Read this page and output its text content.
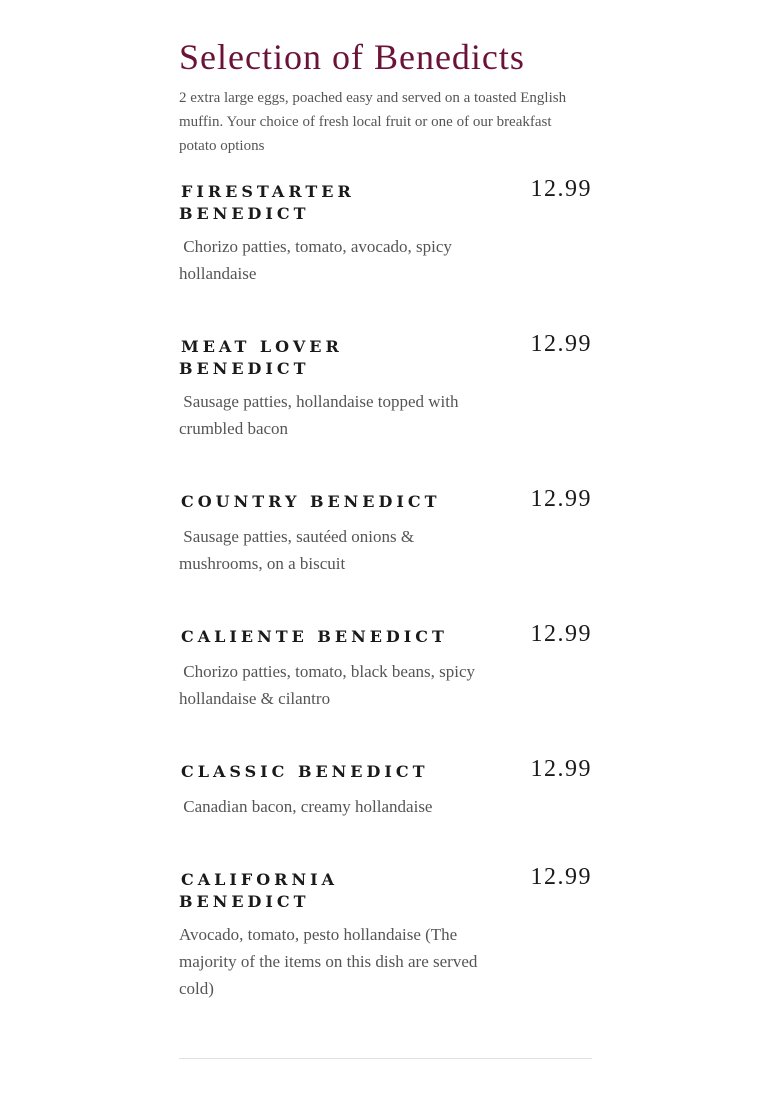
Selection of Benedicts

2 extra large eggs, poached easy and served on a toasted English muffin. Your choice of fresh local fruit or one of our breakfast potato options

FIRESTARTER BENEDICT
12.99

Chorizo patties, tomato, avocado, spicy hollandaise

MEAT LOVER BENEDICT
12.99

Sausage patties, hollandaise topped with crumbled bacon

COUNTRY BENEDICT	12.99

Sausage patties, sautéed onions & mushrooms, on a biscuit

CALIENTE BENEDICT	12.99

Chorizo patties, tomato, black beans, spicy hollandaise & cilantro

CLASSIC BENEDICT	12.99

Canadian bacon, creamy hollandaise

CALIFORNIA BENEDICT
12.99

Avocado, tomato, pesto hollandaise (The majority of the items on this dish are served cold)
